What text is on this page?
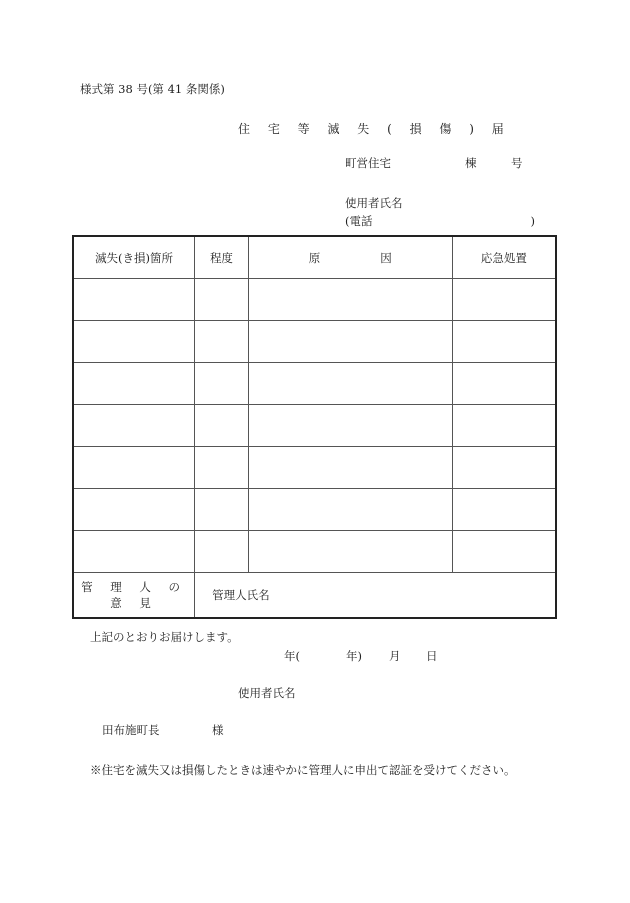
様式第 38 号(第 41 条関係)
住 宅 等 滅 失 ( 損 傷 ) 届
町営住宅	棟	号
使用者氏名
(電話	)
滅失(き損)箇所	程度	原 因	応急処置

管 理 人 の 意 見	管理人氏名		
上記のとおりお届けします。
年(	年) 月 日
使用者氏名
田布施町長	様
※住宅を滅失又は損傷したときは速やかに管理人に申出て認証を受けてください。
